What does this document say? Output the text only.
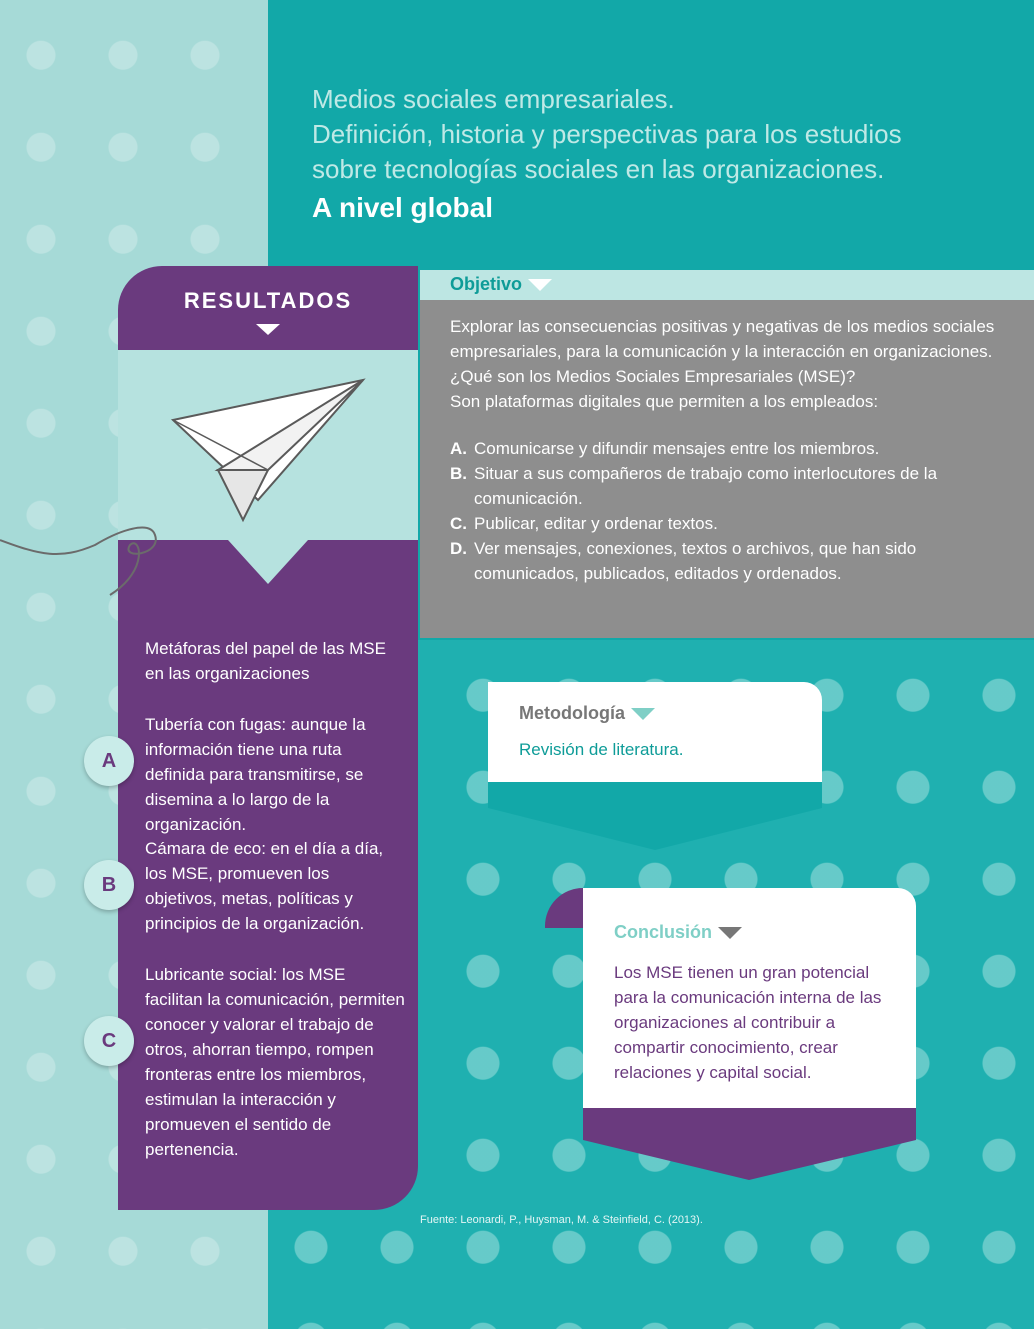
Medios sociales empresariales.
Definición, historia y perspectivas para los estudios
sobre tecnologías sociales en las organizaciones.
A nivel global
Objetivo
Explorar las consecuencias positivas y negativas de los medios sociales empresariales, para la comunicación y la interacción en organizaciones.
¿Qué son los Medios Sociales Empresariales (MSE)?
Son plataformas digitales que permiten a los empleados:
A. Comunicarse y difundir mensajes entre los miembros.
B. Situar a sus compañeros de trabajo como interlocutores de la comunicación.
C. Publicar, editar y ordenar textos.
D. Ver mensajes, conexiones, textos o archivos, que han sido comunicados, publicados, editados y ordenados.
RESULTADOS
Metáforas del papel de las MSE en las organizaciones
Tubería con fugas: aunque la información tiene una ruta definida para transmitirse, se disemina a lo largo de la organización.
A
Cámara de eco: en el día a día, los MSE, promueven los objetivos, metas, políticas y principios de la organización.
B
Lubricante social: los MSE facilitan la comunicación, permiten conocer y valorar el trabajo de otros, ahorran tiempo, rompen fronteras entre los miembros, estimulan la interacción y promueven el sentido de pertenencia.
C
Metodología
Revisión de literatura.
Conclusión
Los MSE tienen un gran potencial para la comunicación interna de las organizaciones al contribuir a compartir conocimiento, crear relaciones y capital social.
Fuente: Leonardi, P., Huysman, M. & Steinfield, C. (2013).
